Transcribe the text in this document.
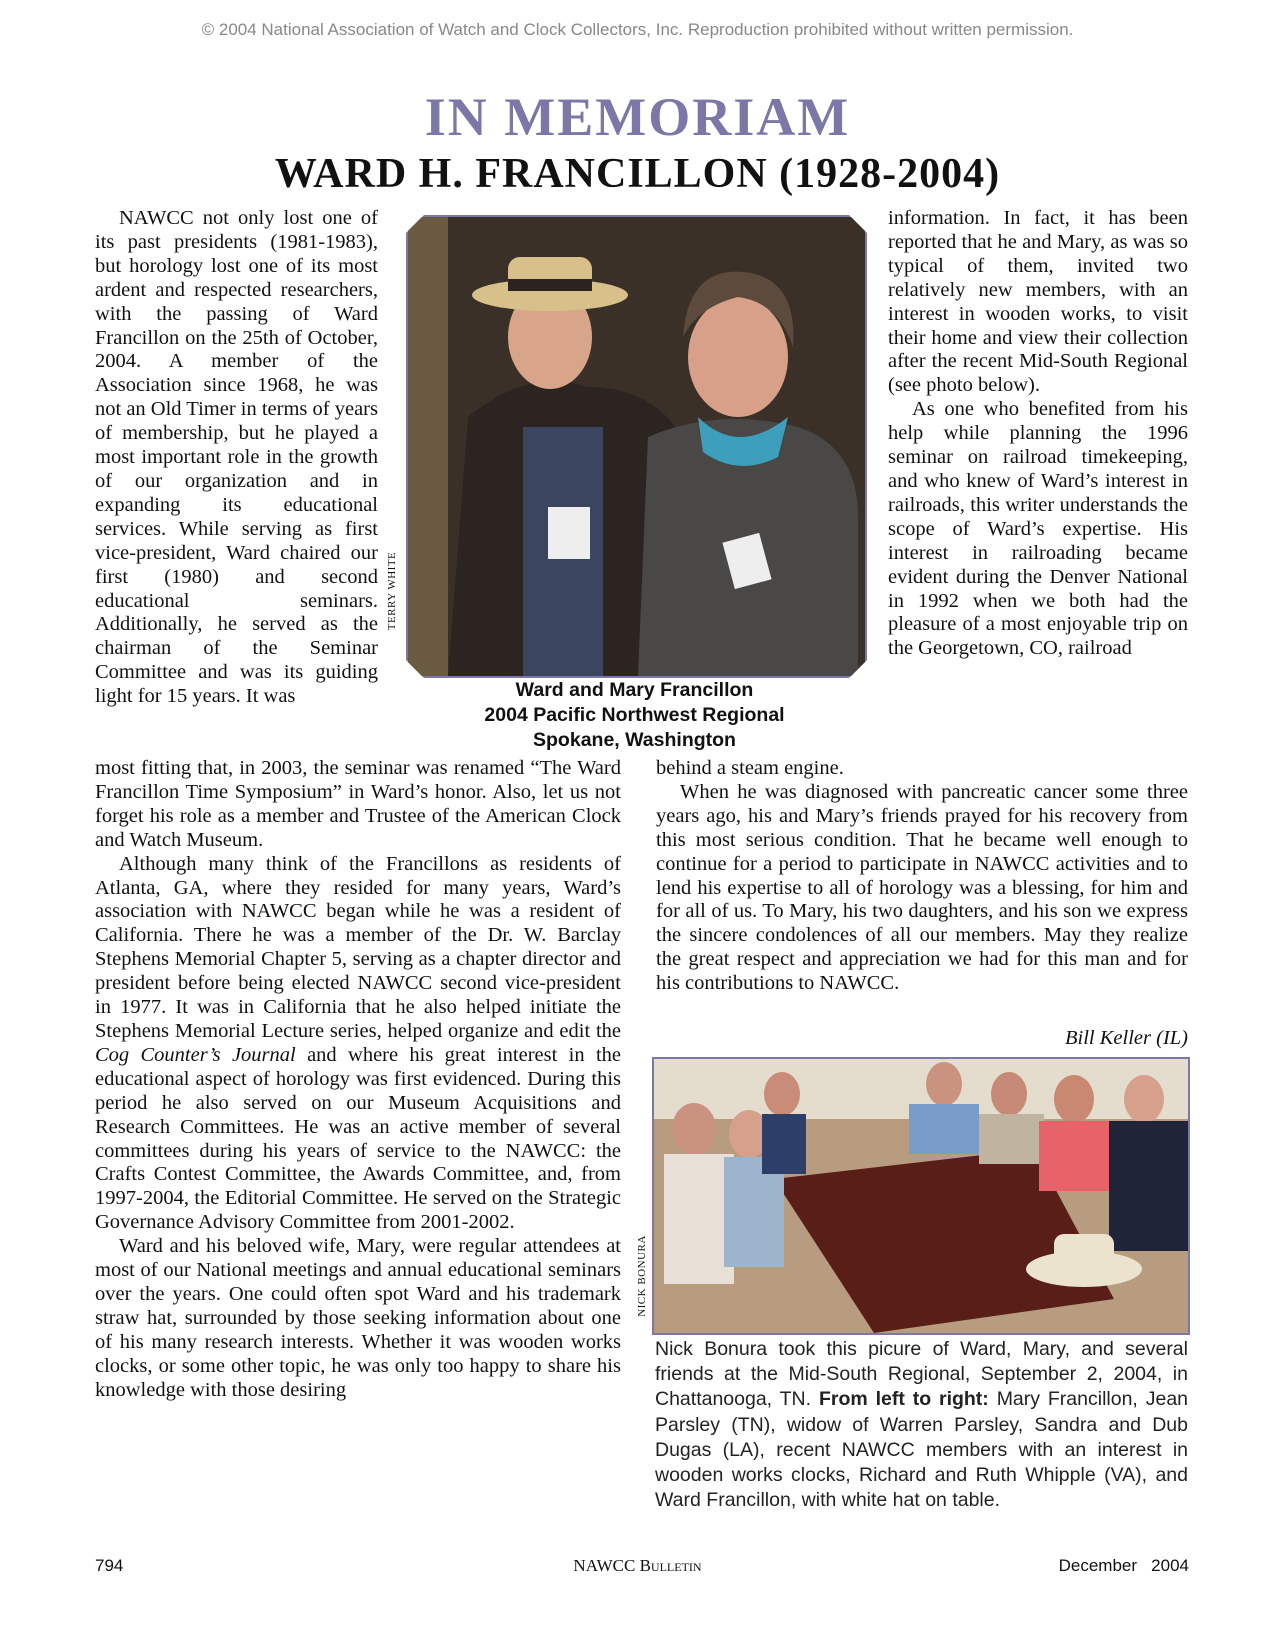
© 2004 National Association of Watch and Clock Collectors, Inc. Reproduction prohibited without written permission.
IN MEMORIAM
WARD H. FRANCILLON (1928-2004)

NAWCC not only lost one of its past presidents (1981-1983), but horology lost one of its most ardent and respected researchers, with the passing of Ward Francillon on the 25th of October, 2004. A member of the Association since 1968, he was not an Old Timer in terms of years of membership, but he played a most important role in the growth of our organization and in expanding its educational services. While serving as first vice-president, Ward chaired our first (1980) and second educational seminars. Additionally, he served as the chairman of the Seminar Committee and was its guiding light for 15 years. It was

most fitting that, in 2003, the seminar was renamed “The Ward Francillon Time Symposium” in Ward’s honor. Also, let us not forget his role as a member and Trustee of the American Clock and Watch Museum.

Although many think of the Francillons as residents of Atlanta, GA, where they resided for many years, Ward’s association with NAWCC began while he was a resident of California. There he was a member of the Dr. W. Barclay Stephens Memorial Chapter 5, serving as a chapter director and president before being elected NAWCC second vice-president in 1977. It was in California that he also helped initiate the Stephens Memorial Lecture series, helped organize and edit the Cog Counter’s Journal and where his great interest in the educational aspect of horology was first evidenced. During this period he also served on our Museum Acquisitions and Research Committees. He was an active member of several committees during his years of service to the NAWCC: the Crafts Contest Committee, the Awards Committee, and, from 1997-2004, the Editorial Committee. He served on the Strategic Governance Advisory Committee from 2001-2002.

Ward and his beloved wife, Mary, were regular attendees at most of our National meetings and annual educational seminars over the years. One could often spot Ward and his trademark straw hat, surrounded by those seeking information about one of his many research interests. Whether it was wooden works clocks, or some other topic, he was only too happy to share his knowledge with those desiring

information. In fact, it has been reported that he and Mary, as was so typical of them, invited two relatively new members, with an interest in wooden works, to visit their home and view their collection after the recent Mid-South Regional (see photo below).

As one who benefited from his help while planning the 1996 seminar on railroad timekeeping, and who knew of Ward’s interest in railroads, this writer understands the scope of Ward’s expertise. His interest in railroading became evident during the Denver National in 1992 when we both had the pleasure of a most enjoyable trip on the Georgetown, CO, railroad

behind a steam engine.

When he was diagnosed with pancreatic cancer some three years ago, his and Mary’s friends prayed for his recovery from this most serious condition. That he became well enough to continue for a period to participate in NAWCC activities and to lend his expertise to all of horology was a blessing, for him and for all of us. To Mary, his two daughters, and his son we express the sincere condolences of all our members. May they realize the great respect and appreciation we had for this man and for his contributions to NAWCC.

Bill Keller (IL)
TERRY WHITE
Ward and Mary Francillon
2004 Pacific Northwest Regional
Spokane, Washington
NICK BONURA

Nick Bonura took this picure of Ward, Mary, and several friends at the Mid-South Regional, September 2, 2004, in Chattanooga, TN. From left to right: Mary Francillon, Jean Parsley (TN), widow of Warren Parsley, Sandra and Dub Dugas (LA), recent NAWCC members with an interest in wooden works clocks, Richard and Ruth Whipple (VA), and Ward Francillon, with white hat on table.

794	NAWCC Bulletin	December   2004
